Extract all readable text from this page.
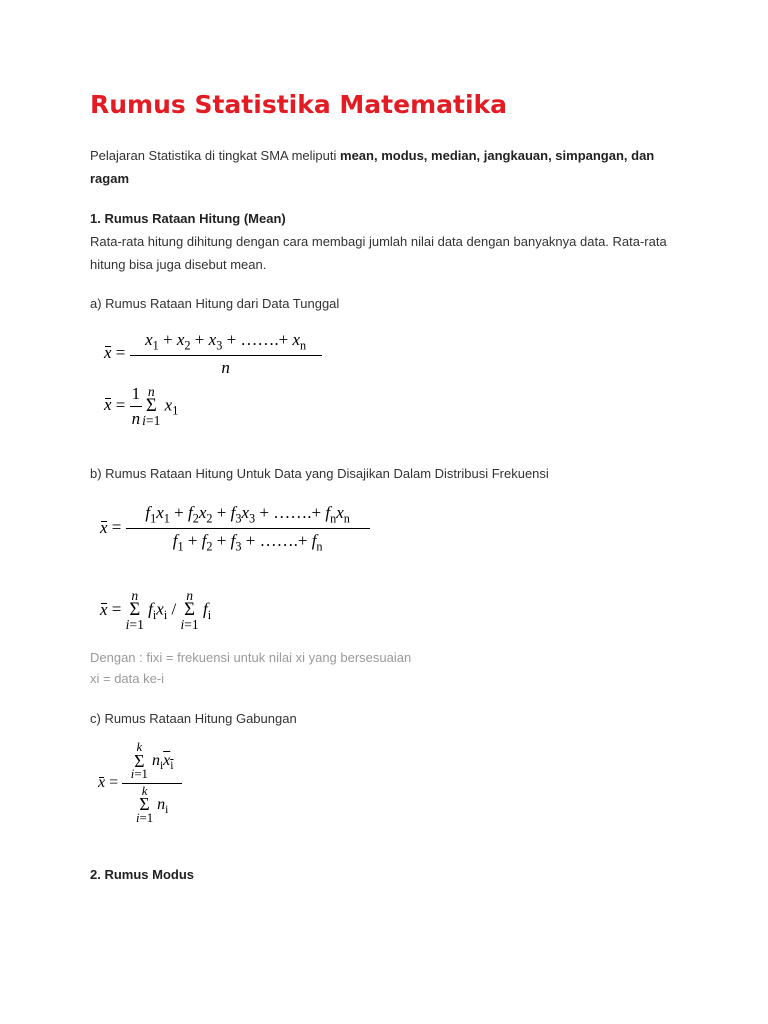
Rumus Statistika Matematika

Pelajaran Statistika di tingkat SMA meliputi mean, modus, median, jangkauan, simpangan, dan ragam

1. Rumus Rataan Hitung (Mean)

Rata-rata hitung dihitung dengan cara membagi jumlah nilai data dengan banyaknya data. Rata-rata hitung bisa juga disebut mean.

a) Rumus Rataan Hitung dari Data Tunggal

$x = \frac{x_1 + x_2 + x_3 + \dots\dots.+ x_n}{n}$
$x = \frac{1}{n}$ n
Σ
i=1
$x_1$

b) Rumus Rataan Hitung Untuk Data yang Disajikan Dalam Distribusi Frekuensi

$x = \frac{f_1x_1 + f_2x_2 + f_3x_3 + \dots\dots.+ f_nx_n}{f_1 + f_2 + f_3 + \dots\dots.+ f_n}$
x =
n
Σ
i=1
$f_ix_i$ /
n
Σ
i=1
$f_i$

Dengan : fixi = frekuensi untuk nilai xi yang bersesuaian

xi = data ke-i

c) Rumus Rataan Hitung Gabungan

x = k
Σ
i=1
$n_ix_i$
k
Σ
i=1
$n_i$

2. Rumus Modus
